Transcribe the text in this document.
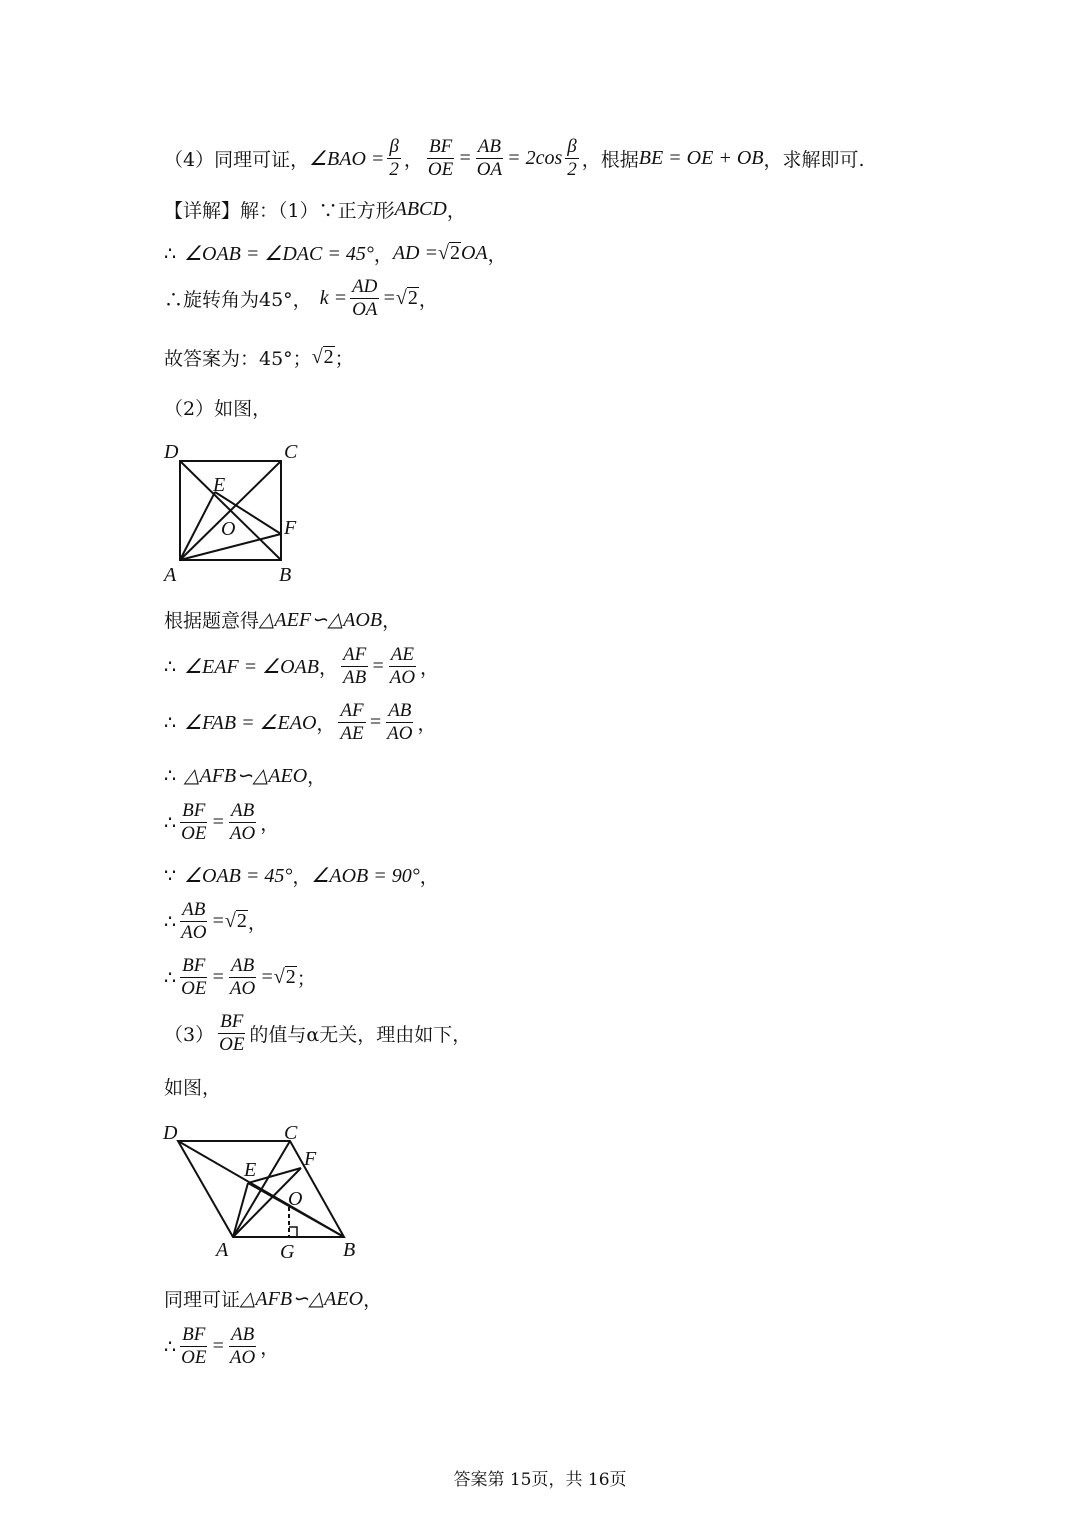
（4）同理可证， ∠BAO = $\frac{\beta}{2}$ ， $\frac{BF}{OE} = \frac{AB}{OA} = 2\cos \frac{\beta}{2}$ ，根据 BE = OE + OB ，求解即可.
【详解】 解：（1）∵正方形 ABCD ，
∴ ∠OAB = ∠DAC = 45° ， AD = √2 OA ，
∴旋转角为45°， $k = \frac{AD}{OA} = √2$ ，
故答案为：45°； √2 ；
（2）如图，
D	C
E
O F
A	B
根据题意得 △AEF∽△AOB ，
∴ ∠EAF = ∠OAB ， $\frac{AF}{AB} = \frac{AE}{AO}$ ，
∴ ∠FAB = ∠EAO ， $\frac{AF}{AE} = \frac{AB}{AO}$ ，
∴ △AFB∽△AEO ，
∴ $\frac{BF}{OE} = \frac{AB}{AO}$ ，
∵ ∠OAB = 45° ， ∠AOB = 90° ，
∴ $\frac{AB}{AO} = √2$ ，
∴ $\frac{BF}{OE} = \frac{AB}{AO} = √2$ ；
$(3) \frac{BF}{OE}$ 的值与α无关，理由如下，
如图，
D	C
F
E
O
A	G B
同理可证 △AFB∽△AEO ，
∴ $\frac{BF}{OE} = \frac{AB}{AO}$ ，
答案第 15页，共 16页
